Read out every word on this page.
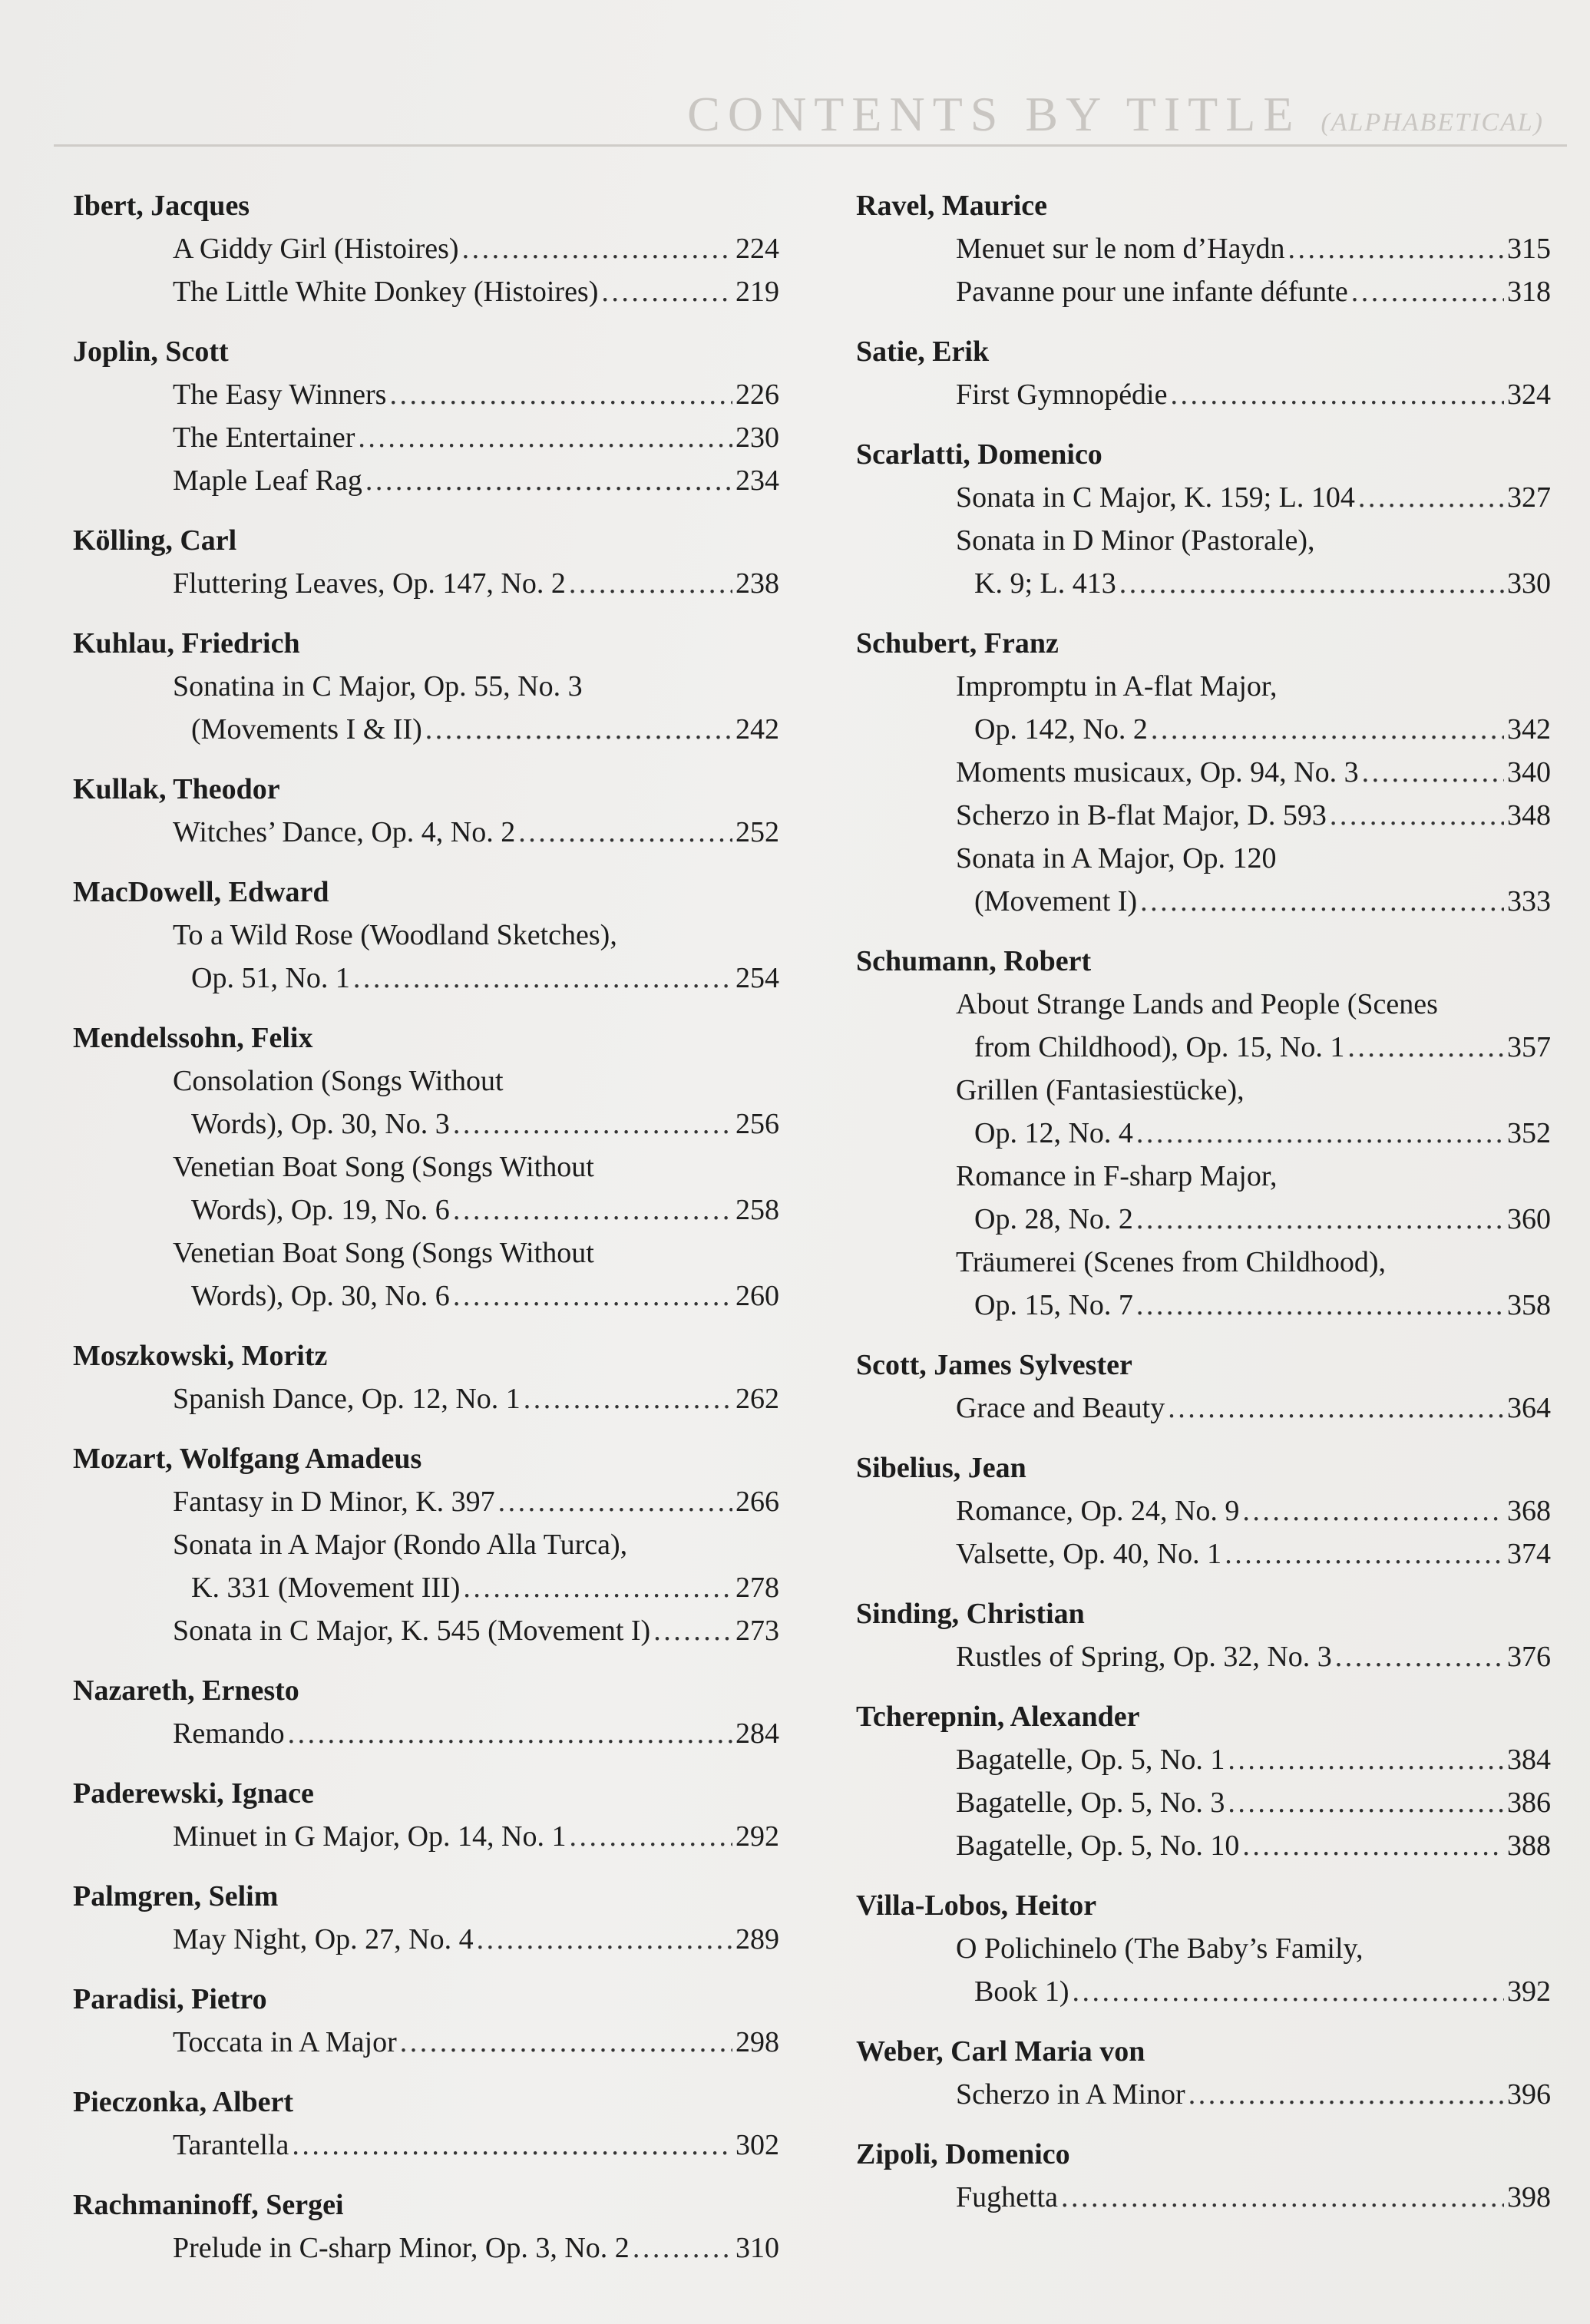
CONTENTS BY TITLE (ALPHABETICAL)
Ibert, Jacques
A Giddy Girl (Histoires) . . .	224
The Little White Donkey (Histoires) . . .	219
Joplin, Scott
The Easy Winners . . .	226
The Entertainer . . .	230
Maple Leaf Rag . . .	234
Kölling, Carl
Fluttering Leaves, Op. 147, No. 2 . . .	238
Kuhlau, Friedrich
Sonatina in C Major, Op. 55, No. 3
(Movements I & II) . . .	242
Kullak, Theodor
Witches’ Dance, Op. 4, No. 2 . . .	252
MacDowell, Edward
To a Wild Rose (Woodland Sketches),
Op. 51, No. 1 . . .	254
Mendelssohn, Felix
Consolation (Songs Without
Words), Op. 30, No. 3 . . .	256
Venetian Boat Song (Songs Without
Words), Op. 19, No. 6 . . .	258
Venetian Boat Song (Songs Without
Words), Op. 30, No. 6 . . .	260
Moszkowski, Moritz
Spanish Dance, Op. 12, No. 1 . . .	262
Mozart, Wolfgang Amadeus
Fantasy in D Minor, K. 397 . . .	266
Sonata in A Major (Rondo Alla Turca),
K. 331 (Movement III) . . .	278
Sonata in C Major, K. 545 (Movement I) . . .	273
Nazareth, Ernesto
Remando . . .	284
Paderewski, Ignace
Minuet in G Major, Op. 14, No. 1 . . .	292
Palmgren, Selim
May Night, Op. 27, No. 4 . . .	289
Paradisi, Pietro
Toccata in A Major . . .	298
Pieczonka, Albert
Tarantella . . .	302
Rachmaninoff, Sergei
Prelude in C-sharp Minor, Op. 3, No. 2 . . .	310
Ravel, Maurice
Menuet sur le nom d’Haydn . . .	315
Pavanne pour une infante défunte . . .	318
Satie, Erik
First Gymnopédie . . .	324
Scarlatti, Domenico
Sonata in C Major, K. 159; L. 104 . . .	327
Sonata in D Minor (Pastorale),
K. 9; L. 413 . . .	330
Schubert, Franz
Impromptu in A-flat Major,
Op. 142, No. 2 . . .	342
Moments musicaux, Op. 94, No. 3 . . .	340
Scherzo in B-flat Major, D. 593 . . .	348
Sonata in A Major, Op. 120
(Movement I) . . .	333
Schumann, Robert
About Strange Lands and People (Scenes
from Childhood), Op. 15, No. 1 . . .	357
Grillen (Fantasiestücke),
Op. 12, No. 4 . . .	352
Romance in F-sharp Major,
Op. 28, No. 2 . . .	360
Träumerei (Scenes from Childhood),
Op. 15, No. 7 . . .	358
Scott, James Sylvester
Grace and Beauty . . .	364
Sibelius, Jean
Romance, Op. 24, No. 9 . . .	368
Valsette, Op. 40, No. 1 . . .	374
Sinding, Christian
Rustles of Spring, Op. 32, No. 3 . . .	376
Tcherepnin, Alexander
Bagatelle, Op. 5, No. 1 . . .	384
Bagatelle, Op. 5, No. 3 . . .	386
Bagatelle, Op. 5, No. 10 . . .	388
Villa-Lobos, Heitor
O Polichinelo (The Baby’s Family,
Book 1) . . .	392
Weber, Carl Maria von
Scherzo in A Minor . . .	396
Zipoli, Domenico
Fughetta . . .	398
